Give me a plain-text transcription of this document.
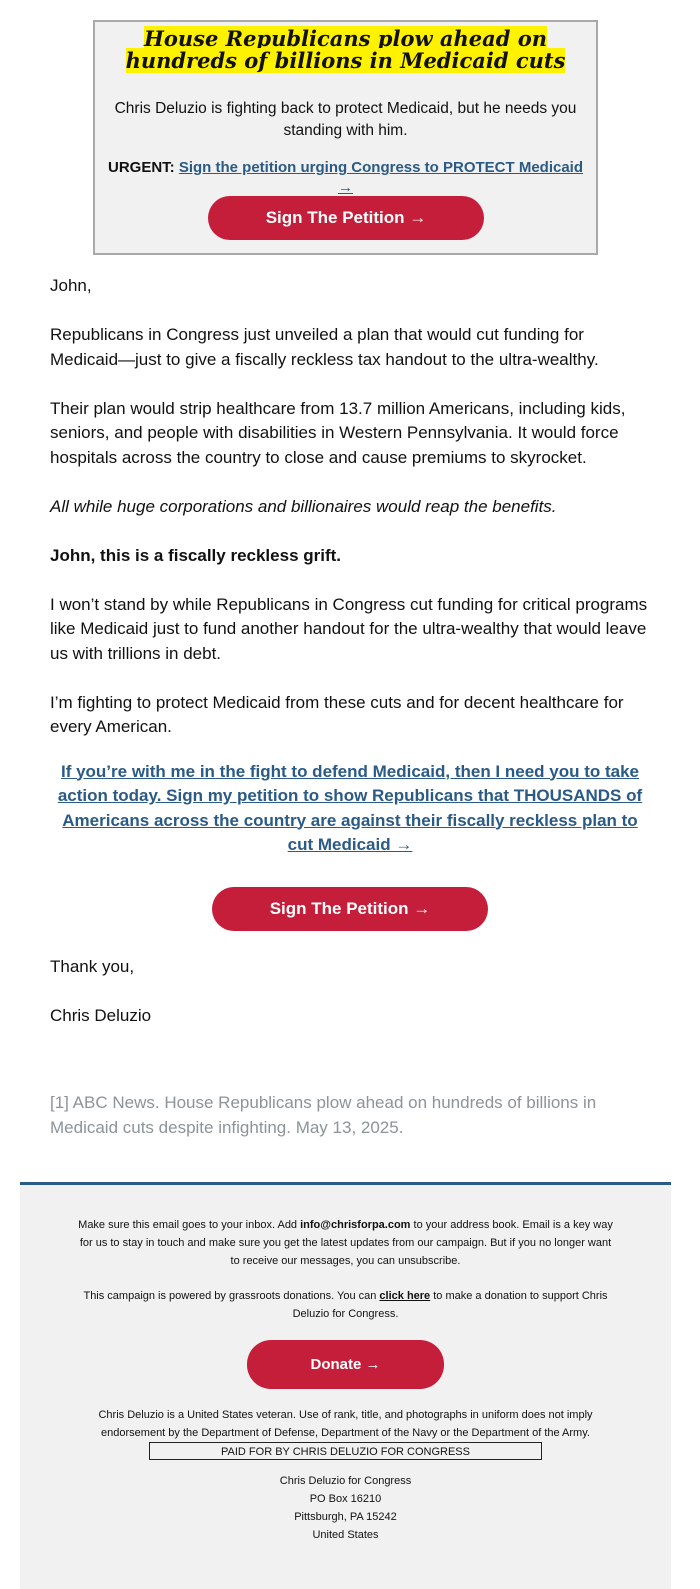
House Republicans plow ahead on hundreds of billions in Medicaid cuts
Chris Deluzio is fighting back to protect Medicaid, but he needs you standing with him.
URGENT: Sign the petition urging Congress to PROTECT Medicaid →
Sign The Petition →

John,

Republicans in Congress just unveiled a plan that would cut funding for Medicaid—just to give a fiscally reckless tax handout to the ultra-wealthy.

Their plan would strip healthcare from 13.7 million Americans, including kids, seniors, and people with disabilities in Western Pennsylvania. It would force hospitals across the country to close and cause premiums to skyrocket.

All while huge corporations and billionaires would reap the benefits.

John, this is a fiscally reckless grift.

I won’t stand by while Republicans in Congress cut funding for critical programs like Medicaid just to fund another handout for the ultra-wealthy that would leave us with trillions in debt.

I’m fighting to protect Medicaid from these cuts and for decent healthcare for every American.

If you’re with me in the fight to defend Medicaid, then I need you to take action today. Sign my petition to show Republicans that THOUSANDS of Americans across the country are against their fiscally reckless plan to cut Medicaid →
Sign The Petition →

Thank you,

Chris Deluzio

[1] ABC News. House Republicans plow ahead on hundreds of billions in Medicaid cuts despite infighting. May 13, 2025.

Make sure this email goes to your inbox. Add info@chrisforpa.com to your address book. Email is a key way for us to stay in touch and make sure you get the latest updates from our campaign. But if you no longer want to receive our messages, you can unsubscribe.
This campaign is powered by grassroots donations. You can click here to make a donation to support Chris Deluzio for Congress.
Donate →
Chris Deluzio is a United States veteran. Use of rank, title, and photographs in uniform does not imply endorsement by the Department of Defense, Department of the Navy or the Department of the Army.
PAID FOR BY CHRIS DELUZIO FOR CONGRESS
Chris Deluzio for Congress
PO Box 16210
Pittsburgh, PA 15242
United States
